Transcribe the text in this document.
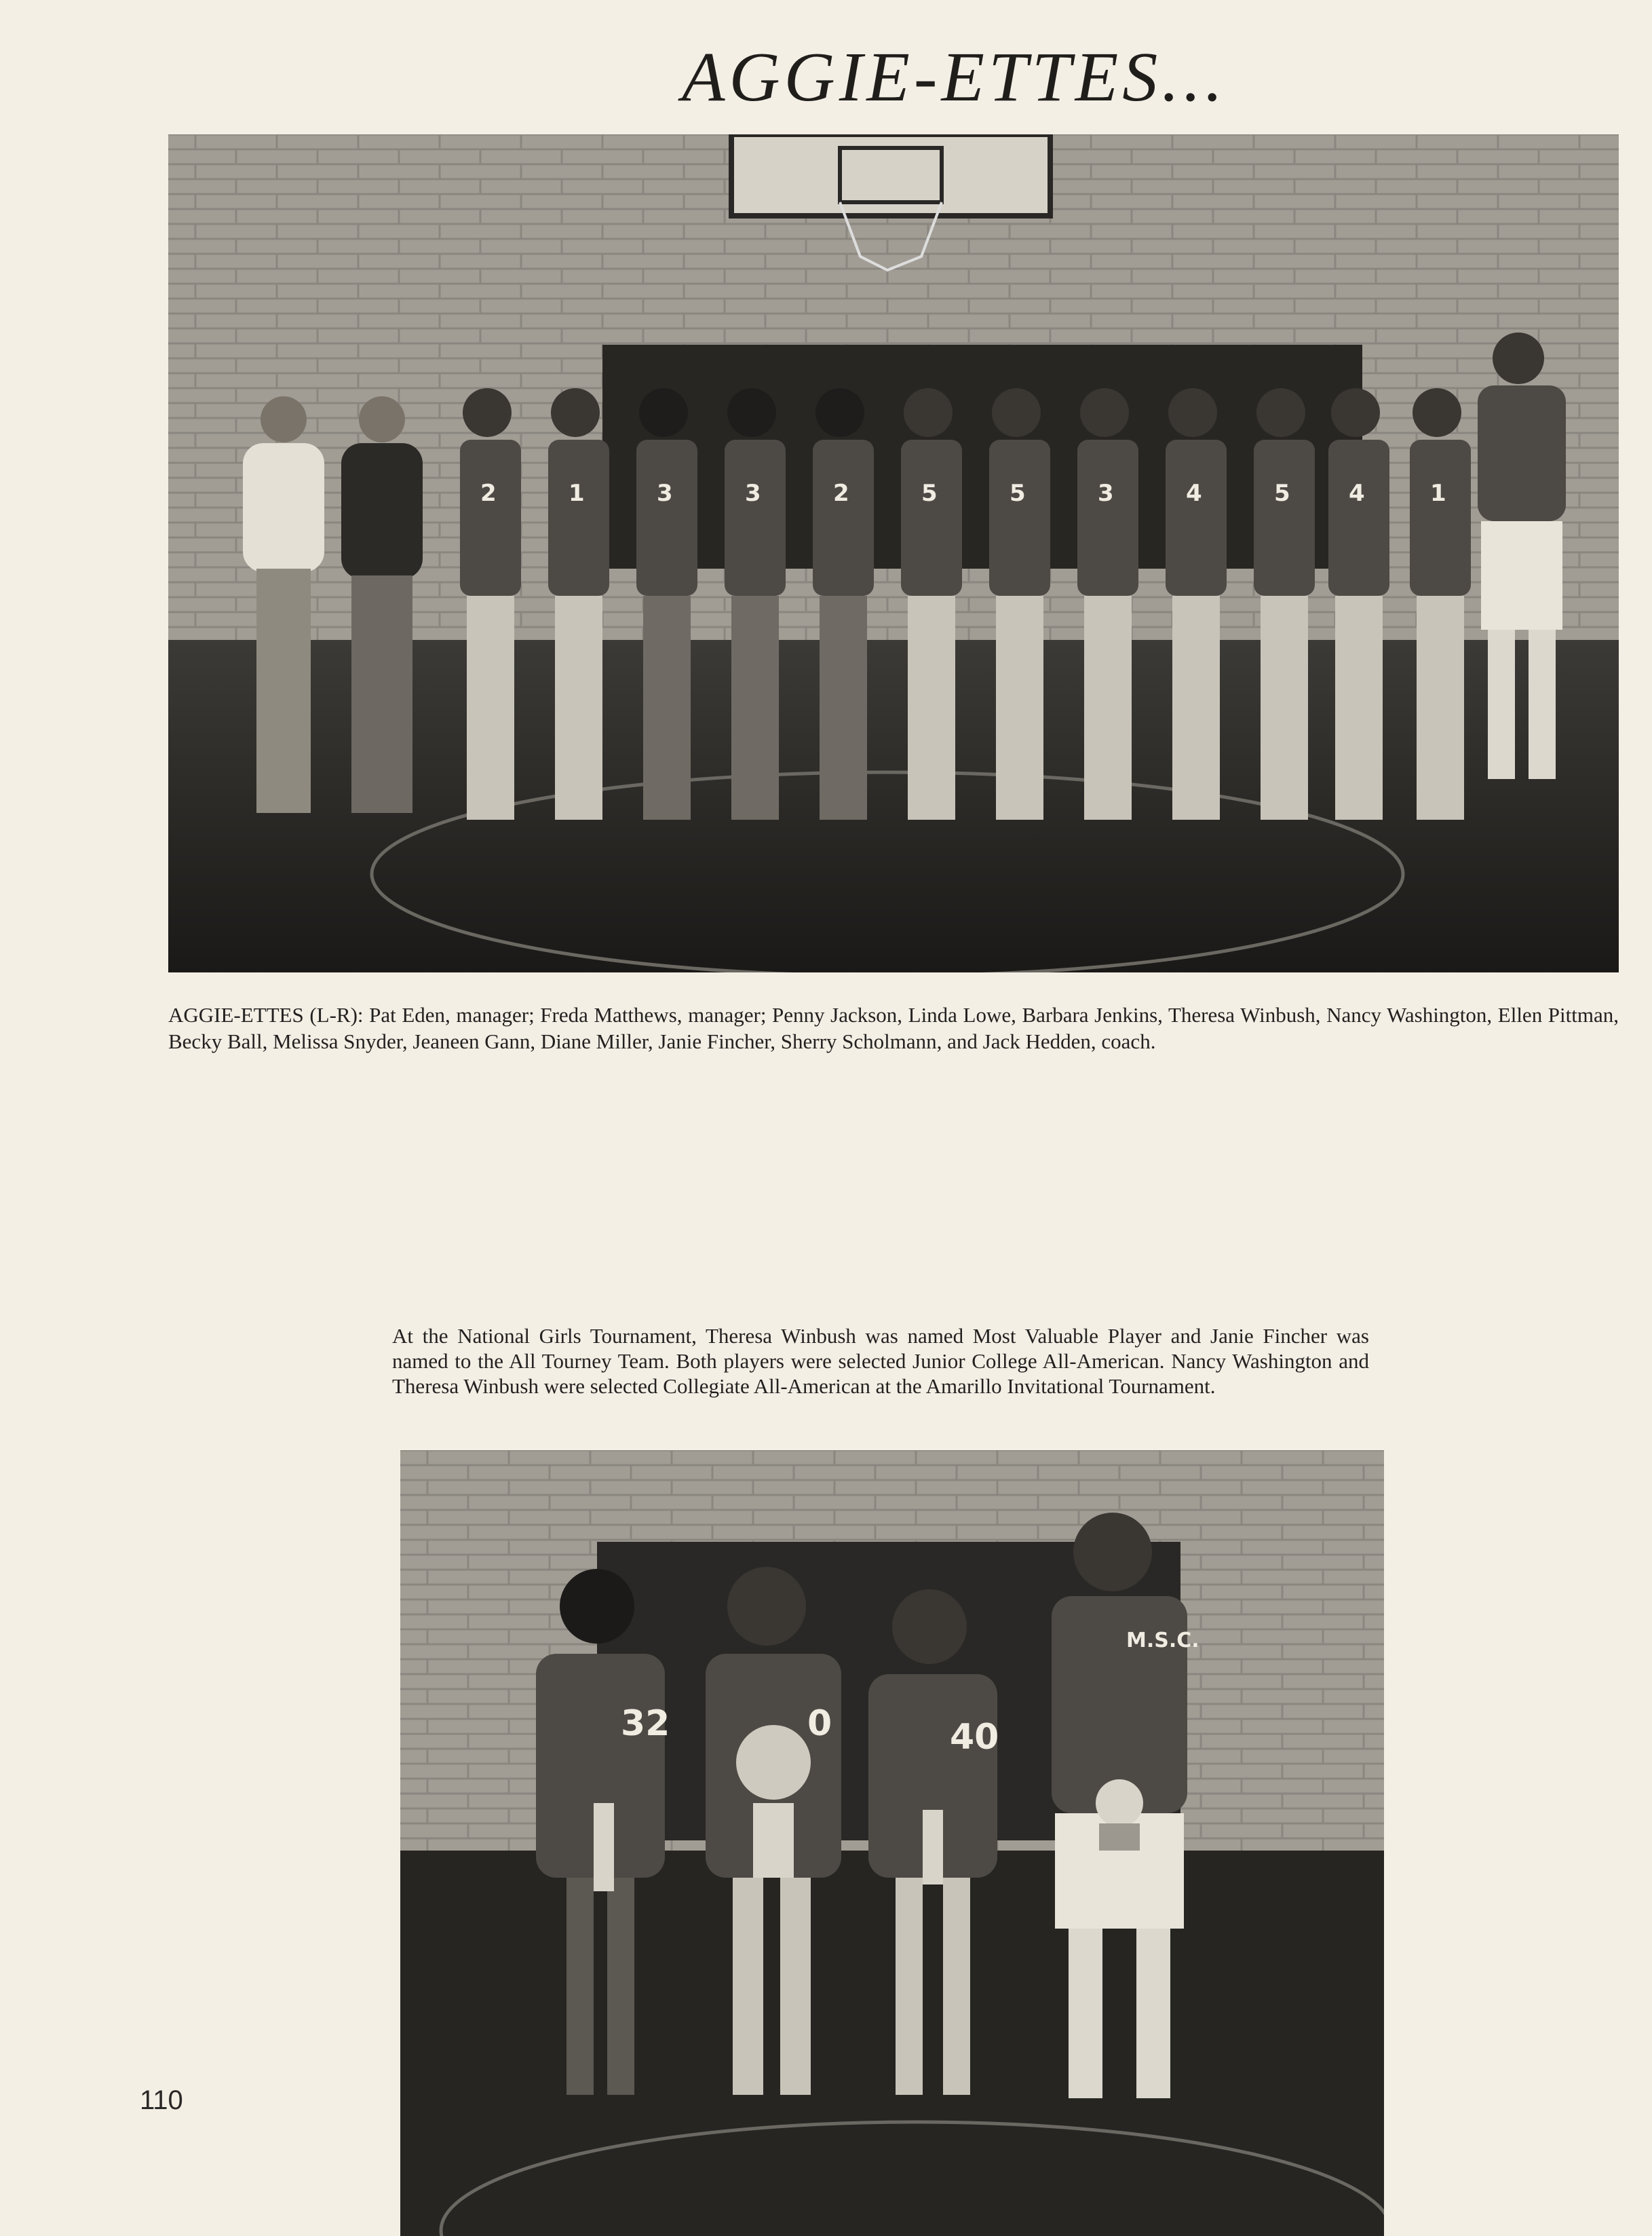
AGGIE-ETTES...
2	1	3	3	2	5	5	3	4	5	4	1
AGGIE-ETTES (L-R): Pat Eden, manager; Freda Matthews, manager; Penny Jackson, Linda Lowe, Barbara Jenkins, Theresa Winbush, Nancy Washington, Ellen Pittman, Becky Ball, Melissa Snyder, Jeaneen Gann, Diane Miller, Janie Fincher, Sherry Scholmann, and Jack Hedden, coach.
At the National Girls Tournament, Theresa Winbush was named Most Valuable Player and Janie Fincher was named to the All Tourney Team. Both players were selected Junior College All-American. Nancy Washington and Theresa Winbush were selected Collegiate All-American at the Amarillo Invitational Tournament.
32	0	40
M.S.C.
110
